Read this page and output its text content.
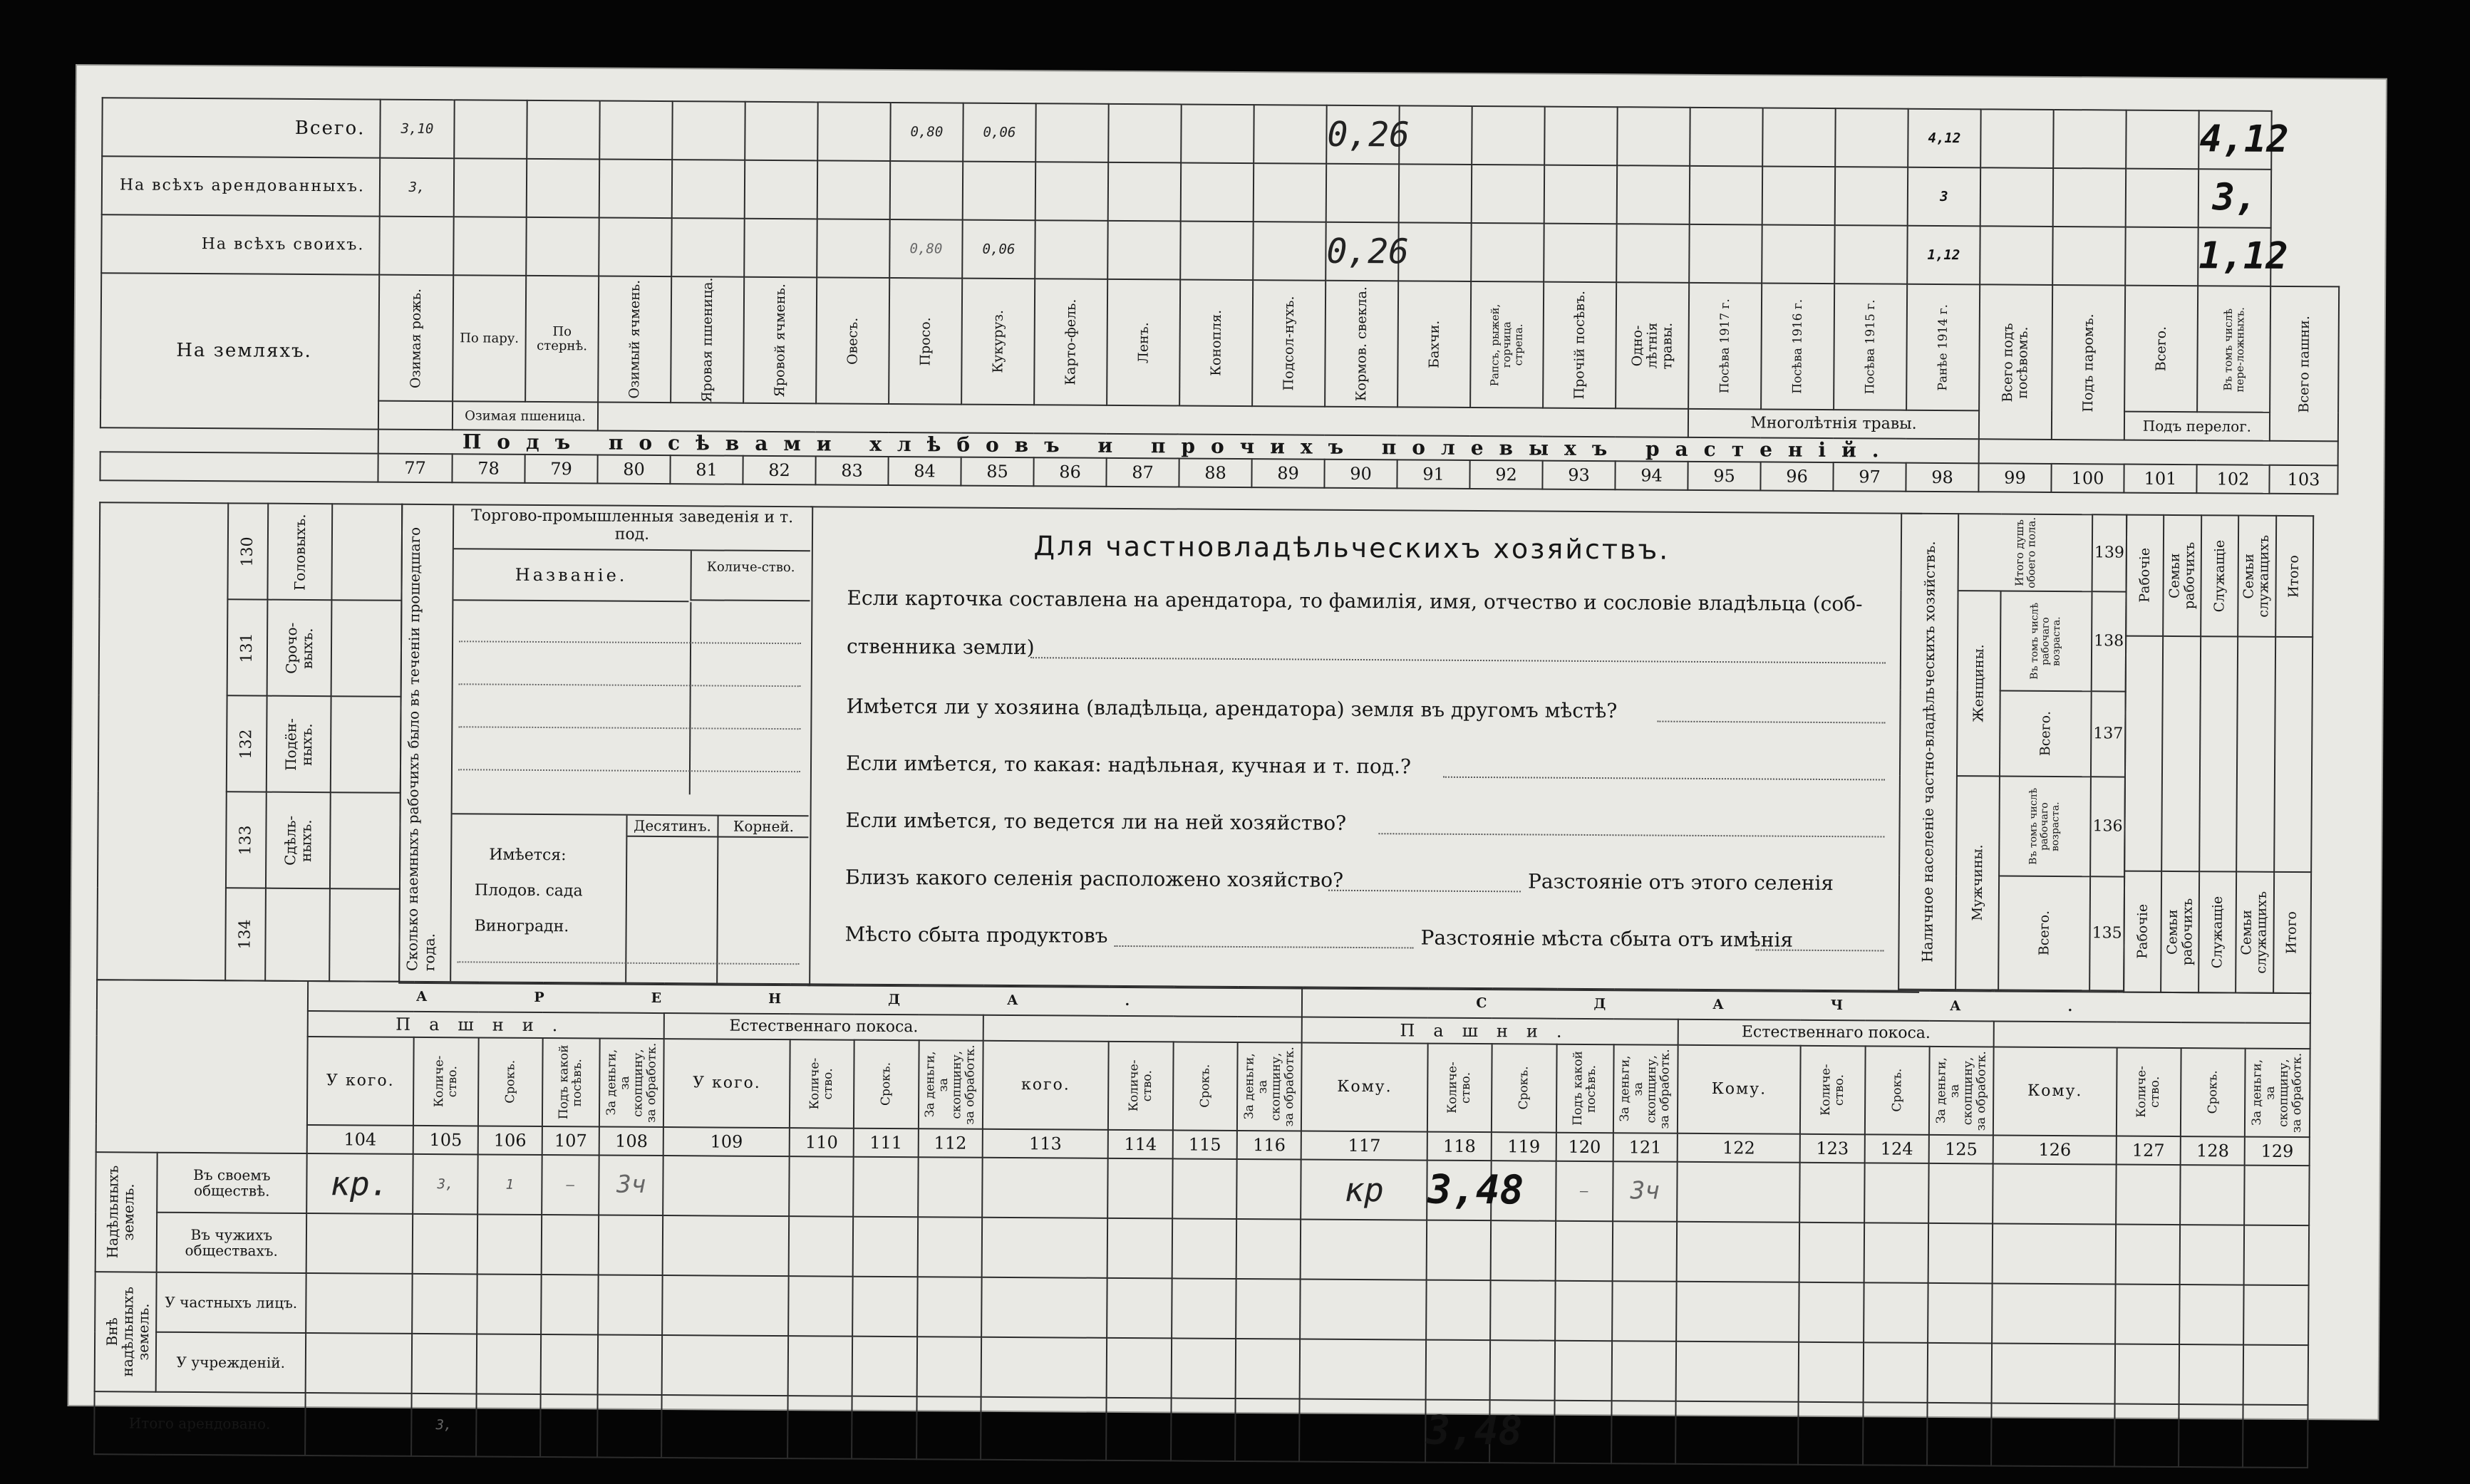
Всего.	3,10							0,80	0,06					0,26								4,12				4,12	
На всѣхъ арендованныхъ.	3,																					3				3,	
На всѣхъ своихъ.								0,80	0,06					0,26								1,12				1,12	
На земляхъ.	Озимая рожь.	По пару.	По стернѣ.	Озимый ячмень.	Яровая пшеница.	Яровой ячмень.	Овесъ.	Просо.	Кукуруз.	Карто-фель.	Ленъ.	Конопля.	Подсол-нухъ.	Кормов. свекла.	Бахчи.	Рапсъ, рыжей, горчица стрепа.	Прочій посѣвъ.	Одно-лѣтнія травы.	Посѣва 1917 г.	Посѣва 1916 г.	Посѣва 1915 г.	Ранѣе 1914 г.	Всего подъ посѣвомъ.	Подъ паромъ.	Всего.	Въ томъ числѣ пере-ложныхъ.	Всего пашни.

		Озимая пшеница.																	Многолѣтнія травы.						Подъ перелог.		
	Подъ посѣвами хлѣбовъ и прочихъ полевыхъ растеній.																										
	77	78	79	80	81	82	83	84	85	86	87	88	89	90	91	92	93	94	95	96	97	98	99	100	101	102	103

	130	Головыхъ.	

	131	Срочо-выхъ.	

	132	Подён-ныхъ.	

	133	Сдѣль-ныхъ.	

	134		

		Сколько наемныхъ рабочихъ было въ теченіи прошедшаго года.
Торгово-промышленныя заведенія и т. под.
Названіе.	Количе-ство.
Десятинъ.	Корней.
Имѣется:
Плодов. сада
Виноградн.
Для частновладѣльческихъ хозяйствъ.
Если карточка составлена на арендатора, то фамилія, имя, отчество и сословіе владѣльца (соб-
ственника земли)
Имѣется ли у хозяина (владѣльца, арендатора) земля въ другомъ мѣстѣ?
Если имѣется, то какая: надѣльная, кучная и т. под.?
Если имѣется, то ведется ли на ней хозяйство?
Близъ какого селенія расположено хозяйство?	Разстояніе отъ этого селенія
Мѣсто сбыта продуктовъ	Разстояніе мѣста сбыта отъ имѣнія	Наличное населеніе частно-владѣльческихъ хозяйствъ.	Итого душъ обоего пола.		139

	Женщины.	Въ томъ числѣ рабочаго возраста.	138

		Всего.	137

	Мужчины.	Въ томъ числѣ рабочаго возраста.	136

		Всего.	135
Рабочіе	Семьи рабочихъ	Служащіе	Семьи служащихъ	Итого

Рабочіе	Семьи рабочихъ	Служащіе	Семьи служащихъ	Итого
		АРЕНДА.													СДАЧА.												
		Пашни.					Естественнаго покоса.								Пашни.					Естественнаго покоса.							

		У кого.	Количе-ство.	Срокъ.	Подъ какой посѣвъ.	За деньги, за скопщину, за обработк.	У кого.	Количе-ство.	Срокъ.	За деньги, за скопщину, за обработк.	кого.	Количе-ство.	Срокъ.	За деньги, за скопщину, за обработк.	Кому.	Количе-ство.	Срокъ.	Подъ какой посѣвъ.	За деньги, за скопщину, за обработк.	Кому.	Количе-ство.	Срокъ.	За деньги, за скопщину, за обработк.	Кому.	Количе-ство.	Срокъ.	За деньги, за скопщину, за обработк.

		104	105	106	107	108	109	110	111	112	113	114	115	116	117	118	119	120	121	122	123	124	125	126	127	128	129

Надѣльныхъ земель.	Въ своемъ обществѣ.	кр.	3,	1	–	3ч									кр	3,48		–	3ч								
	Въ чужихъ обществахъ.																										

Внѣ надѣльныхъ земель.	У частныхъ лицъ.																										
	У учрежденій.																										
Итого арендовано.			3,													3,48											
